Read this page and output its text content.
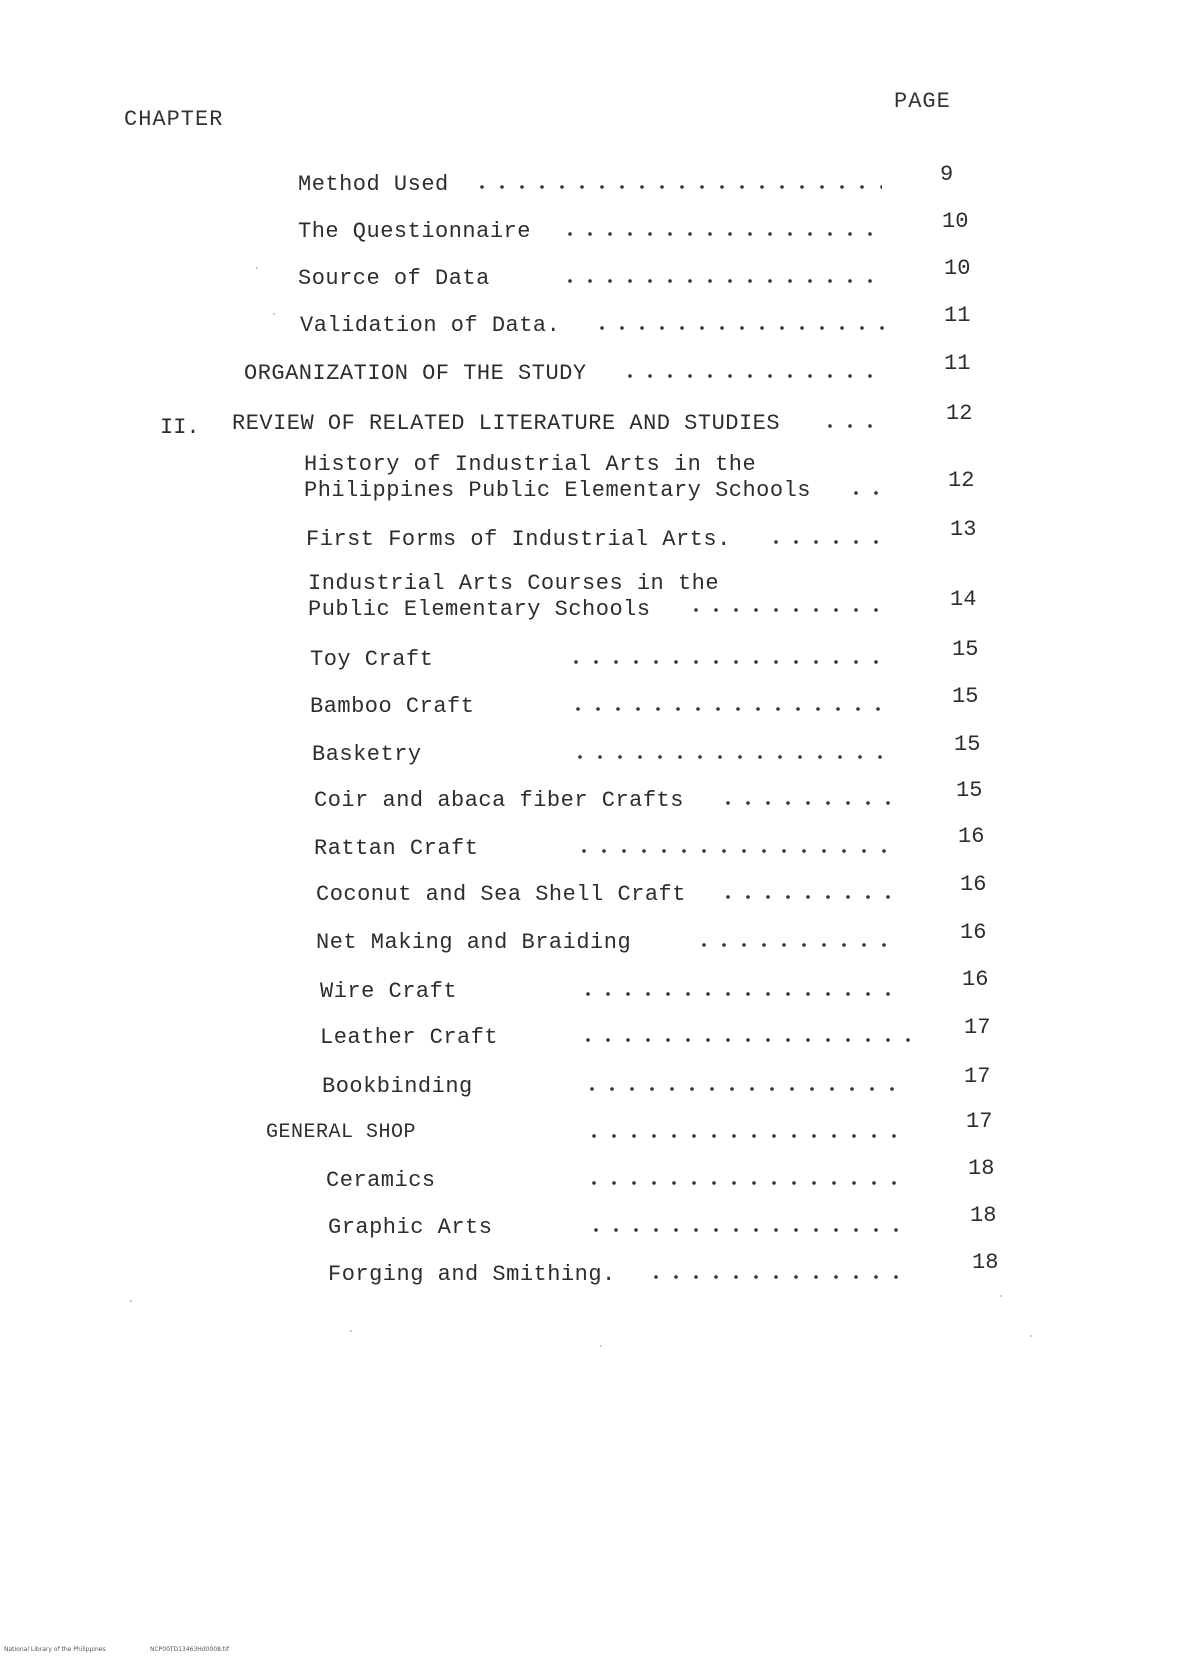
CHAPTER
PAGE
Method Used	9
The Questionnaire	10
Source of Data	10
Validation of Data.	11
ORGANIZATION OF THE STUDY	11
II. REVIEW OF RELATED LITERATURE AND STUDIES	12
History of Industrial Arts in the
Philippines Public Elementary Schools	12
First Forms of Industrial Arts.	13
Industrial Arts Courses in the
Public Elementary Schools	14
Toy Craft	15
Bamboo Craft	15
Basketry	15
Coir and abaca fiber Crafts	15
Rattan Craft	16
Coconut and Sea Shell Craft	16
Net Making and Braiding	16
Wire Craft	16
Leather Craft	17
Bookbinding	17
GENERAL SHOP	17
Ceramics	18
Graphic Arts	18
Forging and Smithing.	18
National Library of the Philippines	NCP00TD13463Hd0008.tif
